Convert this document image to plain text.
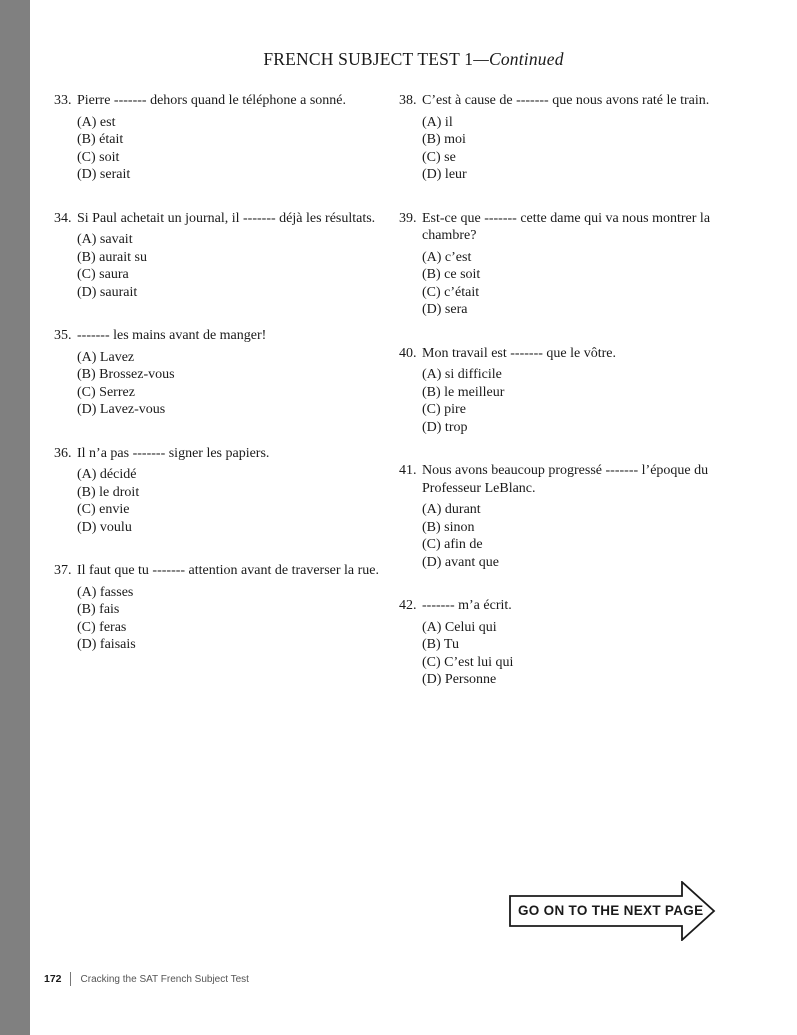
FRENCH SUBJECT TEST 1—Continued
33. Pierre ------- dehors quand le téléphone a sonné.
(A) est
(B) était
(C) soit
(D) serait
34. Si Paul achetait un journal, il ------- déjà les résultats.
(A) savait
(B) aurait su
(C) saura
(D) saurait
35. ------- les mains avant de manger!
(A) Lavez
(B) Brossez-vous
(C) Serrez
(D) Lavez-vous
36. Il n’a pas ------- signer les papiers.
(A) décidé
(B) le droit
(C) envie
(D) voulu
37. Il faut que tu ------- attention avant de traverser la rue.
(A) fasses
(B) fais
(C) feras
(D) faisais
38. C’est à cause de ------- que nous avons raté le train.
(A) il
(B) moi
(C) se
(D) leur
39. Est-ce que ------- cette dame qui va nous montrer la chambre?
(A) c’est
(B) ce soit
(C) c’était
(D) sera
40. Mon travail est ------- que le vôtre.
(A) si difficile
(B) le meilleur
(C) pire
(D) trop
41. Nous avons beaucoup progressé ------- l’époque du Professeur LeBlanc.
(A) durant
(B) sinon
(C) afin de
(D) avant que
42. ------- m’a écrit.
(A) Celui qui
(B) Tu
(C) C’est lui qui
(D) Personne
GO ON TO THE NEXT PAGE
172 Cracking the SAT French Subject Test
